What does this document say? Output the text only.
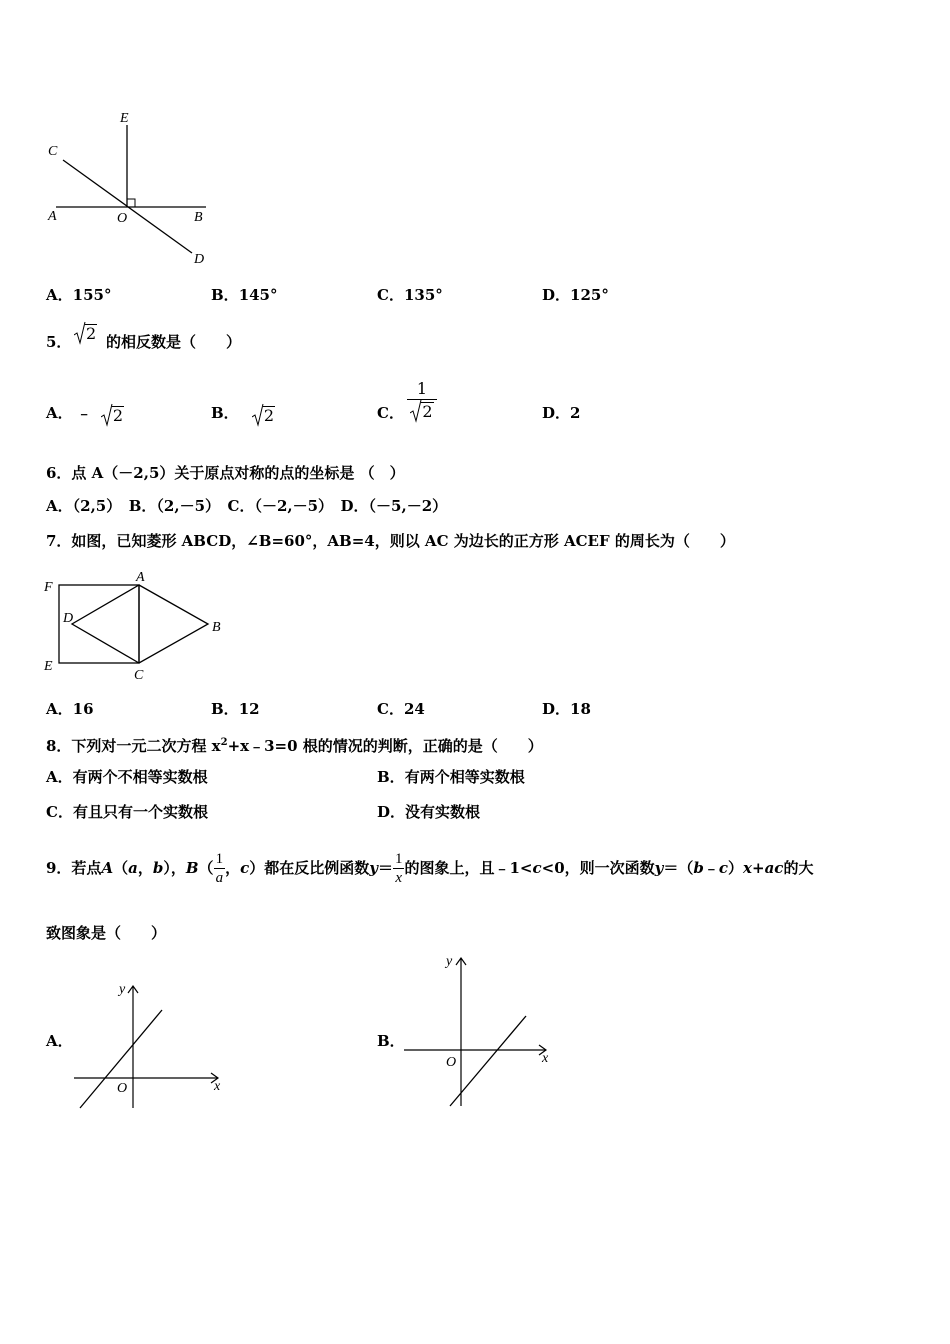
E
C
A	O	B
D
A．155°	B．145°	C．135°	D．125°
5． 2 的相反数是（　　）
A． ﹣ 2	B． 2	C．
1
2	D．2
6．点 A（－2,5）关于原点对称的点的坐标是 （　）
A．（2,5）　B．（2,－5）　C．（－2,－5）　D．（－5,－2）
7．如图，已知菱形 ABCD，∠B=60°，AB=4，则以 AC 为边长的正方形 ACEF 的周长为（　　）
F
A
D
B
E
C
A．16	B．12	C．24	D．18
8．下列对一元二次方程 $x^2+x﹣3=0$ 根的情况的判断，正确的是（　　）
A．有两个不相等实数根	B．有两个相等实数根
C．有且只有一个实数根	D．没有实数根
9．若点 A （ a ， b ）， B （ $\frac{1}{a}$ ， c ）都在反比例函数 $y = \frac{1}{x}$ 的图象上，且﹣1< c <0，则一次函数 y ＝（ b ﹣ c ） x + ac 的大
致图象是（　　）
A．
y
x
O
B．
y
x
O
